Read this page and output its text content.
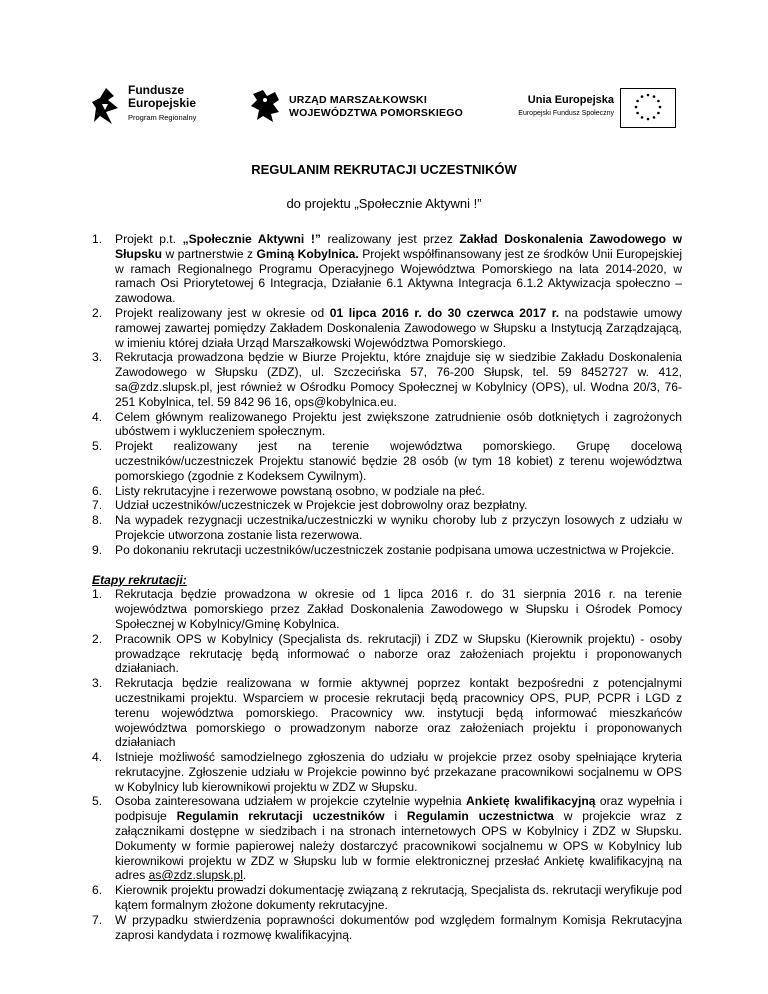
Fundusze
Europejskie
Program Regionalny
URZĄD MARSZAŁKOWSKI
WOJEWÓDZTWA POMORSKIEGO
Unia Europejska
Europejski Fundusz Społeczny
REGULANIM REKRUTACJI UCZESTNIKÓW
do projektu „Społecznie Aktywni !”
1. Projekt p.t. „Społecznie Aktywni !” realizowany jest przez Zakład Doskonalenia Zawodowego w Słupsku w partnerstwie z Gminą Kobylnica. Projekt współfinansowany jest ze środków Unii Europejskiej w ramach Regionalnego Programu Operacyjnego Województwa Pomorskiego na lata 2014-2020, w ramach Osi Priorytetowej 6 Integracja, Działanie 6.1 Aktywna Integracja 6.1.2 Aktywizacja społeczno – zawodowa.
2. Projekt realizowany jest w okresie od 01 lipca 2016 r. do 30 czerwca 2017 r. na podstawie umowy ramowej zawartej pomiędzy Zakładem Doskonalenia Zawodowego w Słupsku a Instytucją Zarządzającą, w imieniu której działa Urząd Marszałkowski Województwa Pomorskiego.
3. Rekrutacja prowadzona będzie w Biurze Projektu, które znajduje się w siedzibie Zakładu Doskonalenia Zawodowego w Słupsku (ZDZ), ul. Szczecińska 57, 76-200 Słupsk, tel. 59 8452727 w. 412, sa@zdz.slupsk.pl, jest również w Ośrodku Pomocy Społecznej w Kobylnicy (OPS), ul. Wodna 20/3, 76-251 Kobylnica, tel. 59 842 96 16, ops@kobylnica.eu.
4. Celem głównym realizowanego Projektu jest zwiększone zatrudnienie osób dotkniętych i zagrożonych ubóstwem i wykluczeniem społecznym.
5. Projekt realizowany jest na terenie województwa pomorskiego. Grupę docelową uczestników/uczestniczek Projektu stanowić będzie 28 osób (w tym 18 kobiet) z terenu województwa pomorskiego (zgodnie z Kodeksem Cywilnym).
6. Listy rekrutacyjne i rezerwowe powstaną osobno, w podziale na płeć.
7. Udział uczestników/uczestniczek w Projekcie jest dobrowolny oraz bezpłatny.
8. Na wypadek rezygnacji uczestnika/uczestniczki w wyniku choroby lub z przyczyn losowych z udziału w Projekcie utworzona zostanie lista rezerwowa.
9. Po dokonaniu rekrutacji uczestników/uczestniczek zostanie podpisana umowa uczestnictwa w Projekcie.
Etapy rekrutacji:
1. Rekrutacja będzie prowadzona w okresie od 1 lipca 2016 r. do 31 sierpnia 2016 r. na terenie województwa pomorskiego przez Zakład Doskonalenia Zawodowego w Słupsku i Ośrodek Pomocy Społecznej w Kobylnicy/Gminę Kobylnica.
2. Pracownik OPS w Kobylnicy (Specjalista ds. rekrutacji) i ZDZ w Słupsku (Kierownik projektu) - osoby prowadzące rekrutację będą informować o naborze oraz założeniach projektu i proponowanych działaniach.
3. Rekrutacja będzie realizowana w formie aktywnej poprzez kontakt bezpośredni z potencjalnymi uczestnikami projektu. Wsparciem w procesie rekrutacji będą pracownicy OPS, PUP, PCPR i LGD z terenu województwa pomorskiego. Pracownicy ww. instytucji będą informować mieszkańców województwa pomorskiego o prowadzonym naborze oraz założeniach projektu i proponowanych działaniach
4. Istnieje możliwość samodzielnego zgłoszenia do udziału w projekcie przez osoby spełniające kryteria rekrutacyjne. Zgłoszenie udziału w Projekcie powinno być przekazane pracownikowi socjalnemu w OPS w Kobylnicy lub kierownikowi projektu w ZDZ w Słupsku.
5. Osoba zainteresowana udziałem w projekcie czytelnie wypełnia Ankietę kwalifikacyjną oraz wypełnia i podpisuje Regulamin rekrutacji uczestników i Regulamin uczestnictwa w projekcie wraz z załącznikami dostępne w siedzibach i na stronach internetowych OPS w Kobylnicy i ZDZ w Słupsku. Dokumenty w formie papierowej należy dostarczyć pracownikowi socjalnemu w OPS w Kobylnicy lub kierownikowi projektu w ZDZ w Słupsku lub w formie elektronicznej przesłać Ankietę kwalifikacyjną na adres as@zdz.slupsk.pl.
6. Kierownik projektu prowadzi dokumentację związaną z rekrutacją, Specjalista ds. rekrutacji weryfikuje pod kątem formalnym złożone dokumenty rekrutacyjne.
7. W przypadku stwierdzenia poprawności dokumentów pod względem formalnym Komisja Rekrutacyjna zaprosi kandydata i rozmowę kwalifikacyjną.
